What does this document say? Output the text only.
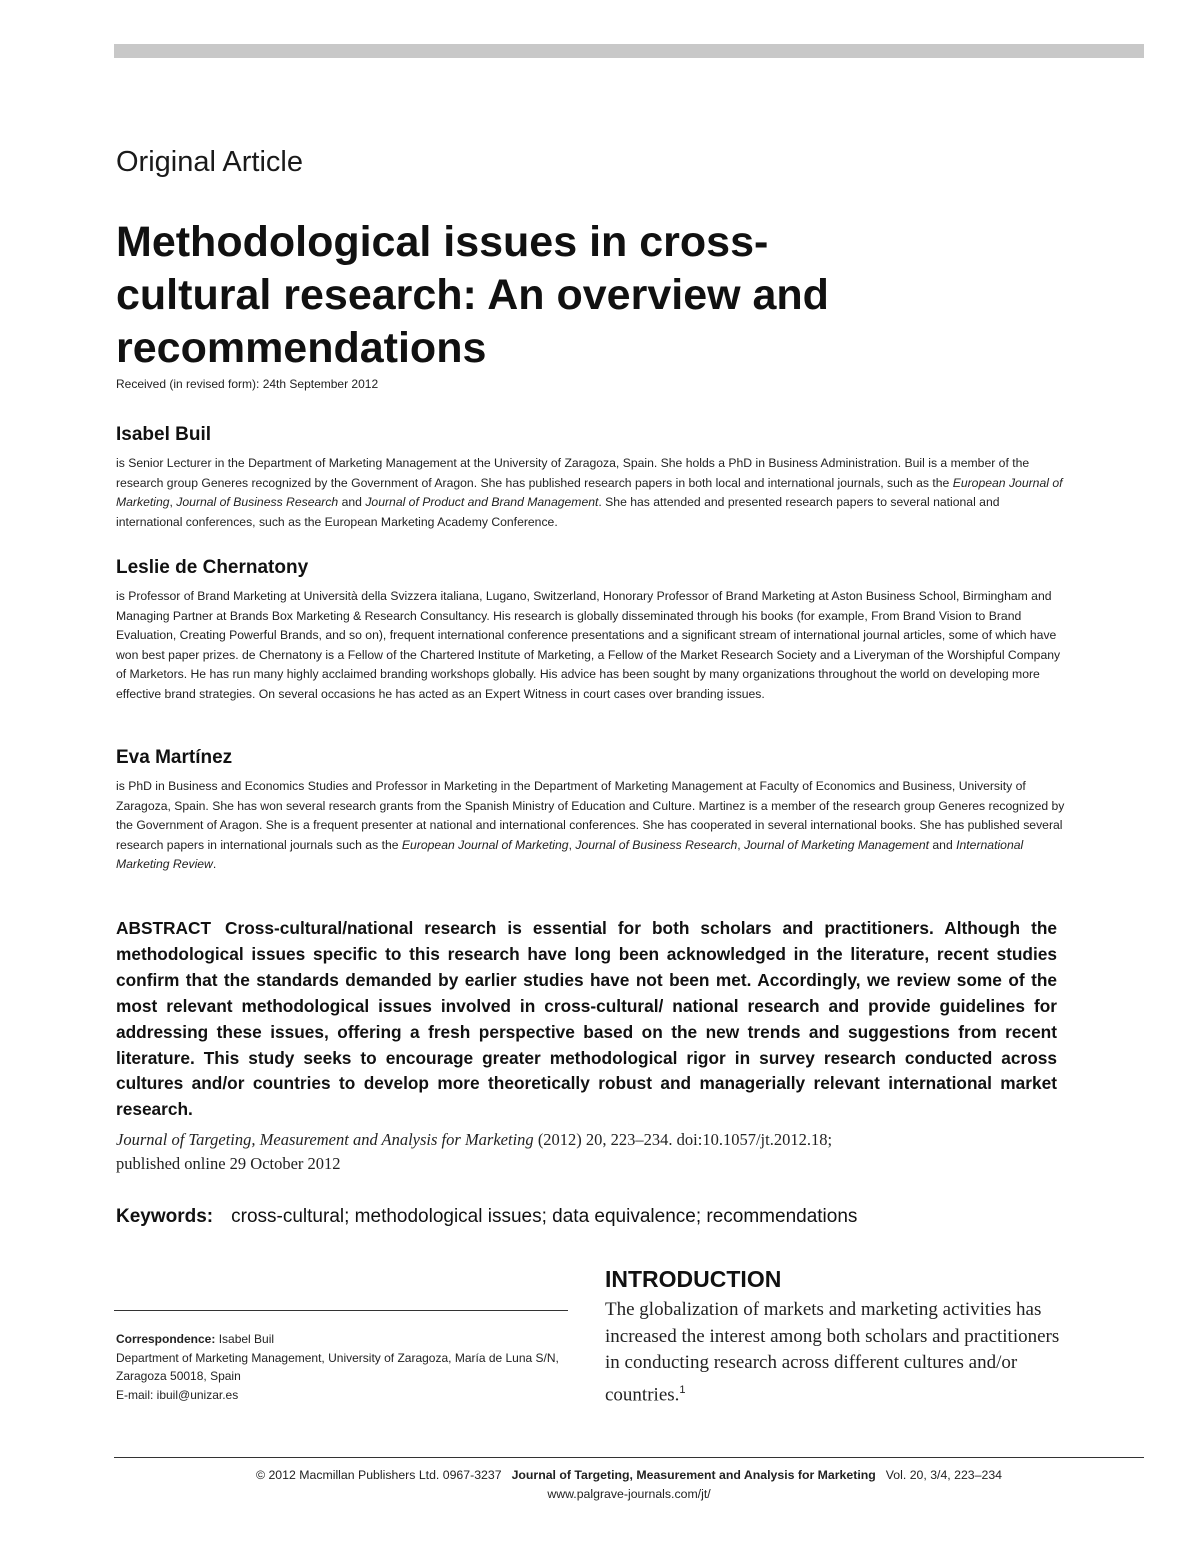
Original Article
Methodological issues in cross-cultural research: An overview and recommendations
Received (in revised form): 24th September 2012
Isabel Buil

is Senior Lecturer in the Department of Marketing Management at the University of Zaragoza, Spain. She holds a PhD in Business Administration. Buil is a member of the research group Generes recognized by the Government of Aragon. She has published research papers in both local and international journals, such as the European Journal of Marketing, Journal of Business Research and Journal of Product and Brand Management. She has attended and presented research papers to several national and international conferences, such as the European Marketing Academy Conference.

Leslie de Chernatony

is Professor of Brand Marketing at Università della Svizzera italiana, Lugano, Switzerland, Honorary Professor of Brand Marketing at Aston Business School, Birmingham and Managing Partner at Brands Box Marketing & Research Consultancy. His research is globally disseminated through his books (for example, From Brand Vision to Brand Evaluation, Creating Powerful Brands, and so on), frequent international conference presentations and a significant stream of international journal articles, some of which have won best paper prizes. de Chernatony is a Fellow of the Chartered Institute of Marketing, a Fellow of the Market Research Society and a Liveryman of the Worshipful Company of Marketors. He has run many highly acclaimed branding workshops globally. His advice has been sought by many organizations throughout the world on developing more effective brand strategies. On several occasions he has acted as an Expert Witness in court cases over branding issues.

Eva Martínez

is PhD in Business and Economics Studies and Professor in Marketing in the Department of Marketing Management at Faculty of Economics and Business, University of Zaragoza, Spain. She has won several research grants from the Spanish Ministry of Education and Culture. Martinez is a member of the research group Generes recognized by the Government of Aragon. She is a frequent presenter at national and international conferences. She has cooperated in several international books. She has published several research papers in international journals such as the European Journal of Marketing, Journal of Business Research, Journal of Marketing Management and International Marketing Review.

ABSTRACT Cross-cultural/national research is essential for both scholars and practitioners. Although the methodological issues specific to this research have long been acknowledged in the literature, recent studies confirm that the standards demanded by earlier studies have not been met. Accordingly, we review some of the most relevant methodological issues involved in cross-cultural/ national research and provide guidelines for addressing these issues, offering a fresh perspective based on the new trends and suggestions from recent literature. This study seeks to encourage greater methodological rigor in survey research conducted across cultures and/or countries to develop more theoretically robust and managerially relevant international market research.

Journal of Targeting, Measurement and Analysis for Marketing (2012) 20, 223–234. doi:10.1057/jt.2012.18;
published online 29 October 2012
Keywords: cross-cultural; methodological issues; data equivalence; recommendations
Correspondence: Isabel Buil
Department of Marketing Management, University of Zaragoza, María de Luna S/N, Zaragoza 50018, Spain
E-mail: ibuil@unizar.es
INTRODUCTION

The globalization of markets and marketing activities has increased the interest among both scholars and practitioners in conducting research across different cultures and/or countries.$^1$

© 2012 Macmillan Publishers Ltd. 0967-3237 Journal of Targeting, Measurement and Analysis for Marketing Vol. 20, 3/4, 223–234
www.palgrave-journals.com/jt/
